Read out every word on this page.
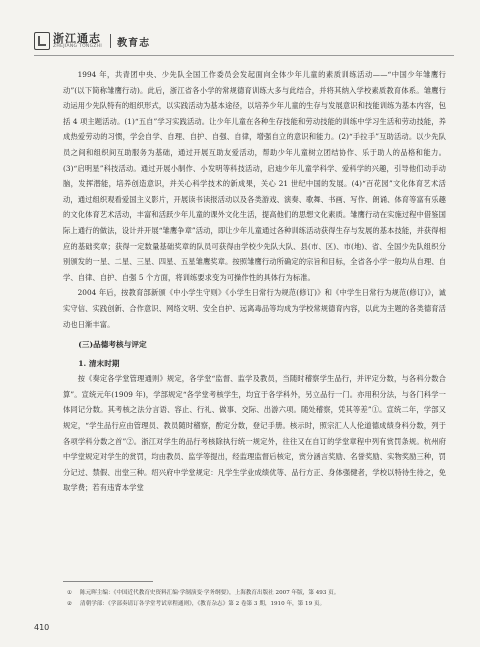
浙江通志
ZHEJIANG TONGZHI 教育志

1994 年，共青团中央、少先队全国工作委员会发起面向全体少年儿童的素质训练活动——“中国少年雏鹰行动”(以下简称雏鹰行动)。此后，浙江省各小学的常规德育训练大多与此结合，并将其纳入学校素质教育体系。雏鹰行动运用少先队特有的组织形式，以实践活动为基本途径，以培养少年儿童的生存与发展意识和技能训练为基本内容，包括 4 项主题活动。(1)“五自”学习实践活动。让少年儿童在各种生存技能和劳动技能的训练中学习生活和劳动技能，养成热爱劳动的习惯，学会自学、自理、自护、自强、自律，增强自立的意识和能力。(2)“手拉手”互助活动。以少先队员之间和组织间互助服务为基础，通过开展互助友爱活动，帮助少年儿童树立团结协作、乐于助人的品格和能力。(3)“启明星”科技活动。通过开展小制作、小发明等科技活动，启迪少年儿童学科学、爱科学的兴趣，引导他们动手动脑，发挥潜能，培养创造意识，并关心科学技术的新成果，关心 21 世纪中国的发展。(4)“百花园”文化体育艺术活动，通过组织观看爱国主义影片，开展读书读报活动以及各类游戏、演奏、歌舞、书画、写作、朗诵、体育等富有乐趣的文化体育艺术活动，丰富和活跃少年儿童的课外文化生活，提高他们的思想文化素质。雏鹰行动在实施过程中借鉴国际上通行的做法，设计并开展“雏鹰争章”活动，即让少年儿童通过各种训练活动获得生存与发展的基本技能，并获得相应的基础奖章；获得一定数量基础奖章的队员可获得由学校少先队大队、县(市、区)、市(地)、省、全国少先队组织分别颁发的一星、二星、三星、四星、五星雏鹰奖章。按照雏鹰行动所确定的宗旨和目标，全省各小学一般均从自理、自学、自律、自护、自强 5 个方面，将训练要求变为可操作性的具体行为标准。

2004 年后，按教育部新颁《中小学生守则》《小学生日常行为规范(修订)》和《中学生日常行为规范(修订)》，诚实守信、实践创新、合作意识、网络文明、安全自护、远离毒品等均成为学校常规德育内容，以此为主题的各类德育活动也日渐丰富。

(三)品德考核与评定

1. 清末时期

按《奏定各学堂管理通则》规定，各学堂“监督、监学及教员，当随时稽察学生品行，并评定分数，与各科分数合算”。宣统元年(1909 年)，学部规定“各学堂考核学生，均宜于各学科外，另立品行一门。亦用积分法，与各门科学一体同记分数。其考核之法分言语、容止、行礼、做事、交际、出游六项。随处稽察，凭其等差”①。宣统二年，学部又规定，“学生品行应由管理员、教员随时稽察，酌定分数，登记手册。核示时，照宗汇人人伦道德成绩身科分数，列于各项学科分数之首”②。浙江对学生的品行考核除执行统一规定外，往往又在自订的学堂章程中列有赏罚条规。杭州府中学堂规定对学生的赏罚，均由教员、监学等提出，经监理监督后核定，赏分涵言奖励、名誉奖励、实物奖励三种，罚分记过、禁假、出堂三种。绍兴府中学堂规定：凡学生学业成绩优等、品行方正、身体强健者，学校以特待生待之，免取学费；若有违背本学堂

① 陈元晖主编：《中国近代教育史资料汇编·学制演变·学务纲要》，上海教育出版社 2007 年版，第 493 页。
② 清朝学部：《学部奏请订各学堂考试章程通则》，《教育杂志》第 2 卷第 3 期，1910 年，第 19 页。
410
